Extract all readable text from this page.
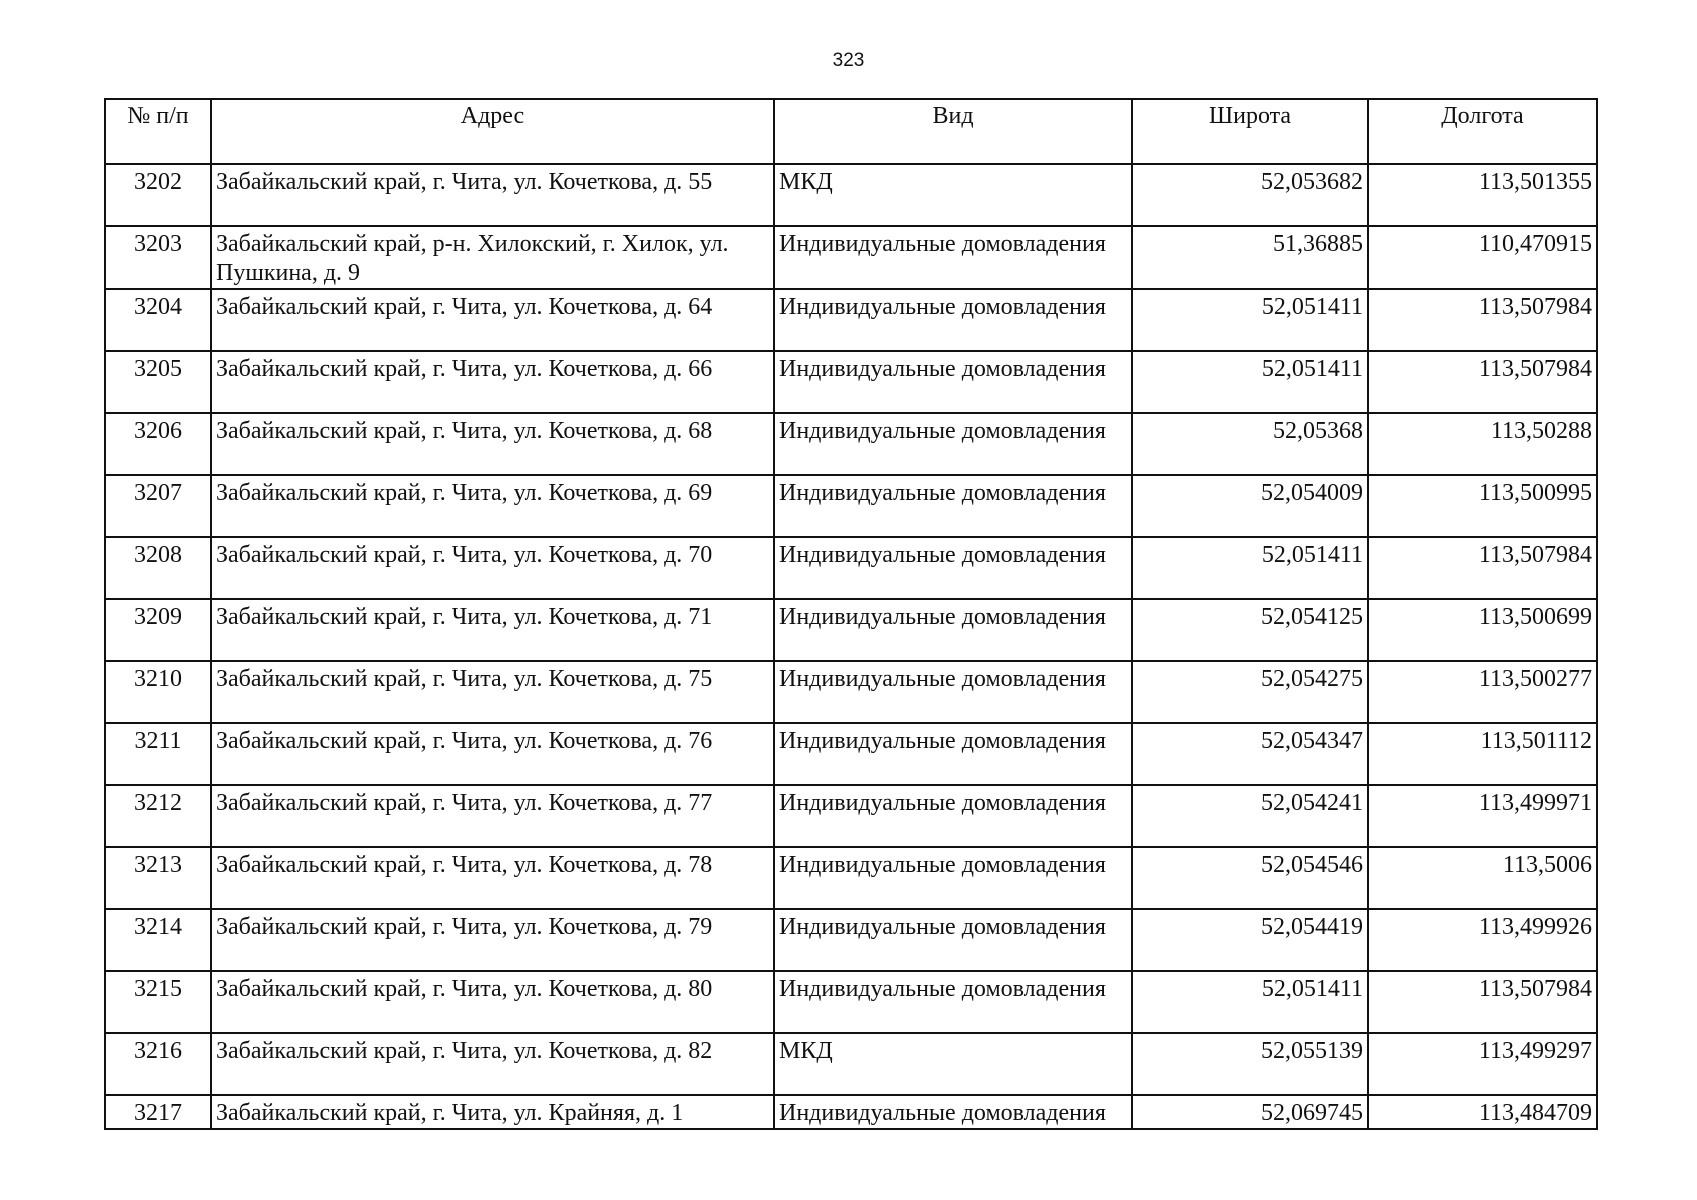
323
№ п/п	Адрес	Вид	Широта	Долгота
3202	Забайкальский край, г. Чита, ул. Кочеткова, д. 55	МКД	52,053682	113,501355
3203	Забайкальский край, р-н. Хилокский, г. Хилок, ул. Пушкина, д. 9	Индивидуальные домовладения	51,36885	110,470915
3204	Забайкальский край, г. Чита, ул. Кочеткова, д. 64	Индивидуальные домовладения	52,051411	113,507984
3205	Забайкальский край, г. Чита, ул. Кочеткова, д. 66	Индивидуальные домовладения	52,051411	113,507984
3206	Забайкальский край, г. Чита, ул. Кочеткова, д. 68	Индивидуальные домовладения	52,05368	113,50288
3207	Забайкальский край, г. Чита, ул. Кочеткова, д. 69	Индивидуальные домовладения	52,054009	113,500995
3208	Забайкальский край, г. Чита, ул. Кочеткова, д. 70	Индивидуальные домовладения	52,051411	113,507984
3209	Забайкальский край, г. Чита, ул. Кочеткова, д. 71	Индивидуальные домовладения	52,054125	113,500699
3210	Забайкальский край, г. Чита, ул. Кочеткова, д. 75	Индивидуальные домовладения	52,054275	113,500277
3211	Забайкальский край, г. Чита, ул. Кочеткова, д. 76	Индивидуальные домовладения	52,054347	113,501112
3212	Забайкальский край, г. Чита, ул. Кочеткова, д. 77	Индивидуальные домовладения	52,054241	113,499971
3213	Забайкальский край, г. Чита, ул. Кочеткова, д. 78	Индивидуальные домовладения	52,054546	113,5006
3214	Забайкальский край, г. Чита, ул. Кочеткова, д. 79	Индивидуальные домовладения	52,054419	113,499926
3215	Забайкальский край, г. Чита, ул. Кочеткова, д. 80	Индивидуальные домовладения	52,051411	113,507984
3216	Забайкальский край, г. Чита, ул. Кочеткова, д. 82	МКД	52,055139	113,499297
3217	Забайкальский край, г. Чита, ул. Крайняя, д. 1	Индивидуальные домовладения	52,069745	113,484709
